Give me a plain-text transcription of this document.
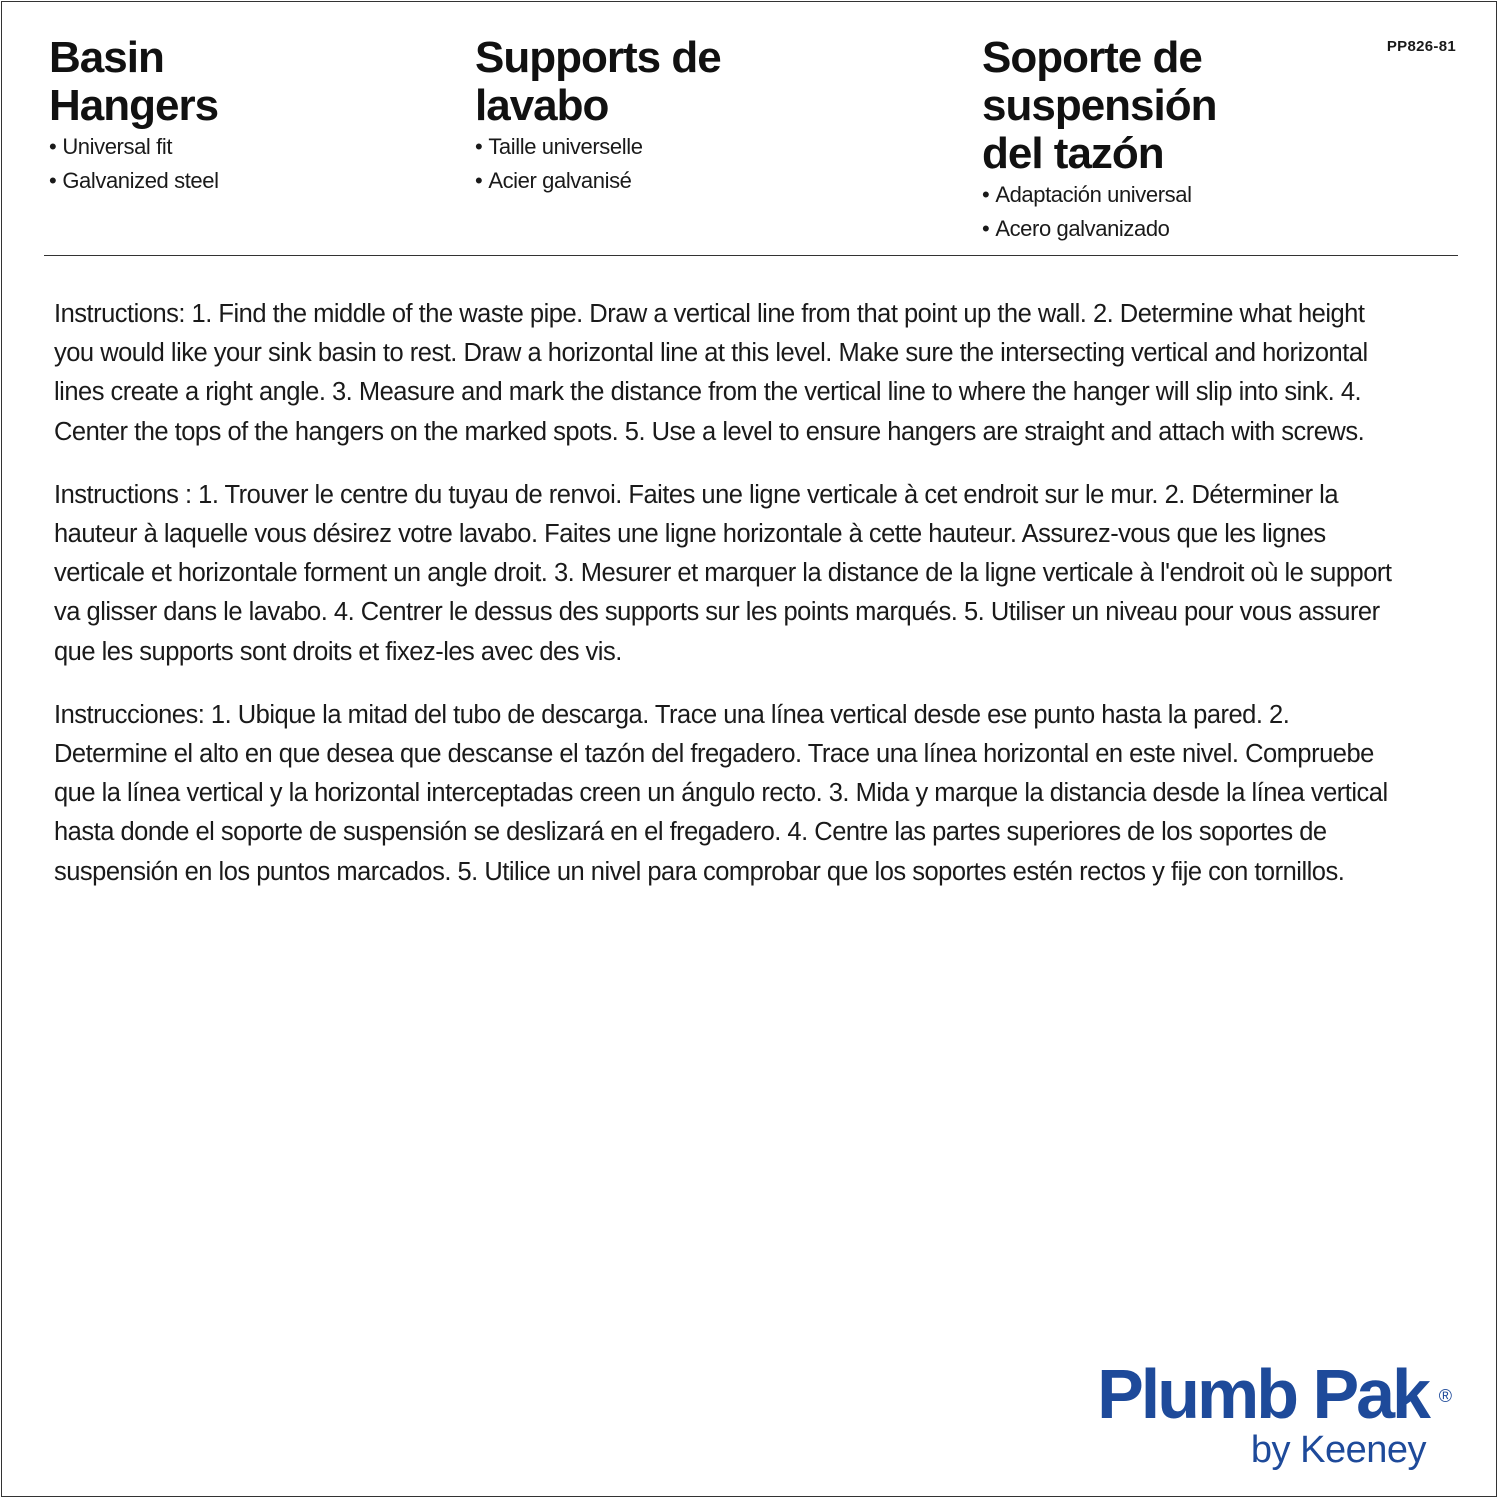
PP826-81
Basin
Hangers
• Universal fit
• Galvanized steel
Supports de
lavabo
• Taille universelle
• Acier galvanisé
Soporte de
suspensión
del tazón
• Adaptación universal
• Acero galvanizado

Instructions: 1. Find the middle of the waste pipe. Draw a vertical line from that point up the wall. 2. Determine what height you would like your sink basin to rest. Draw a horizontal line at this level. Make sure the intersecting vertical and horizontal lines create a right angle. 3. Measure and mark the distance from the vertical line to where the hanger will slip into sink. 4. Center the tops of the hangers on the marked spots. 5. Use a level to ensure hangers are straight and attach with screws.

Instructions : 1. Trouver le centre du tuyau de renvoi. Faites une ligne verticale à cet endroit sur le mur. 2. Déterminer la hauteur à laquelle vous désirez votre lavabo. Faites une ligne horizontale à cette hauteur. Assurez-vous que les lignes verticale et horizontale forment un angle droit. 3. Mesurer et marquer la distance de la ligne verticale à l'endroit où le support va glisser dans le lavabo. 4. Centrer le dessus des supports sur les points marqués. 5. Utiliser un niveau pour vous assurer que les supports sont droits et fixez-les avec des vis.

Instrucciones: 1. Ubique la mitad del tubo de descarga. Trace una línea vertical desde ese punto hasta la pared. 2. Determine el alto en que desea que descanse el tazón del fregadero. Trace una línea horizontal en este nivel. Compruebe que la línea vertical y la horizontal interceptadas creen un ángulo recto. 3. Mida y marque la distancia desde la línea vertical hasta donde el soporte de suspensión se deslizará en el fregadero. 4. Centre las partes superiores de los soportes de suspensión en los puntos marcados. 5. Utilice un nivel para comprobar que los soportes estén rectos y fije con tornillos.

Plumb Pak ®
by Keeney
